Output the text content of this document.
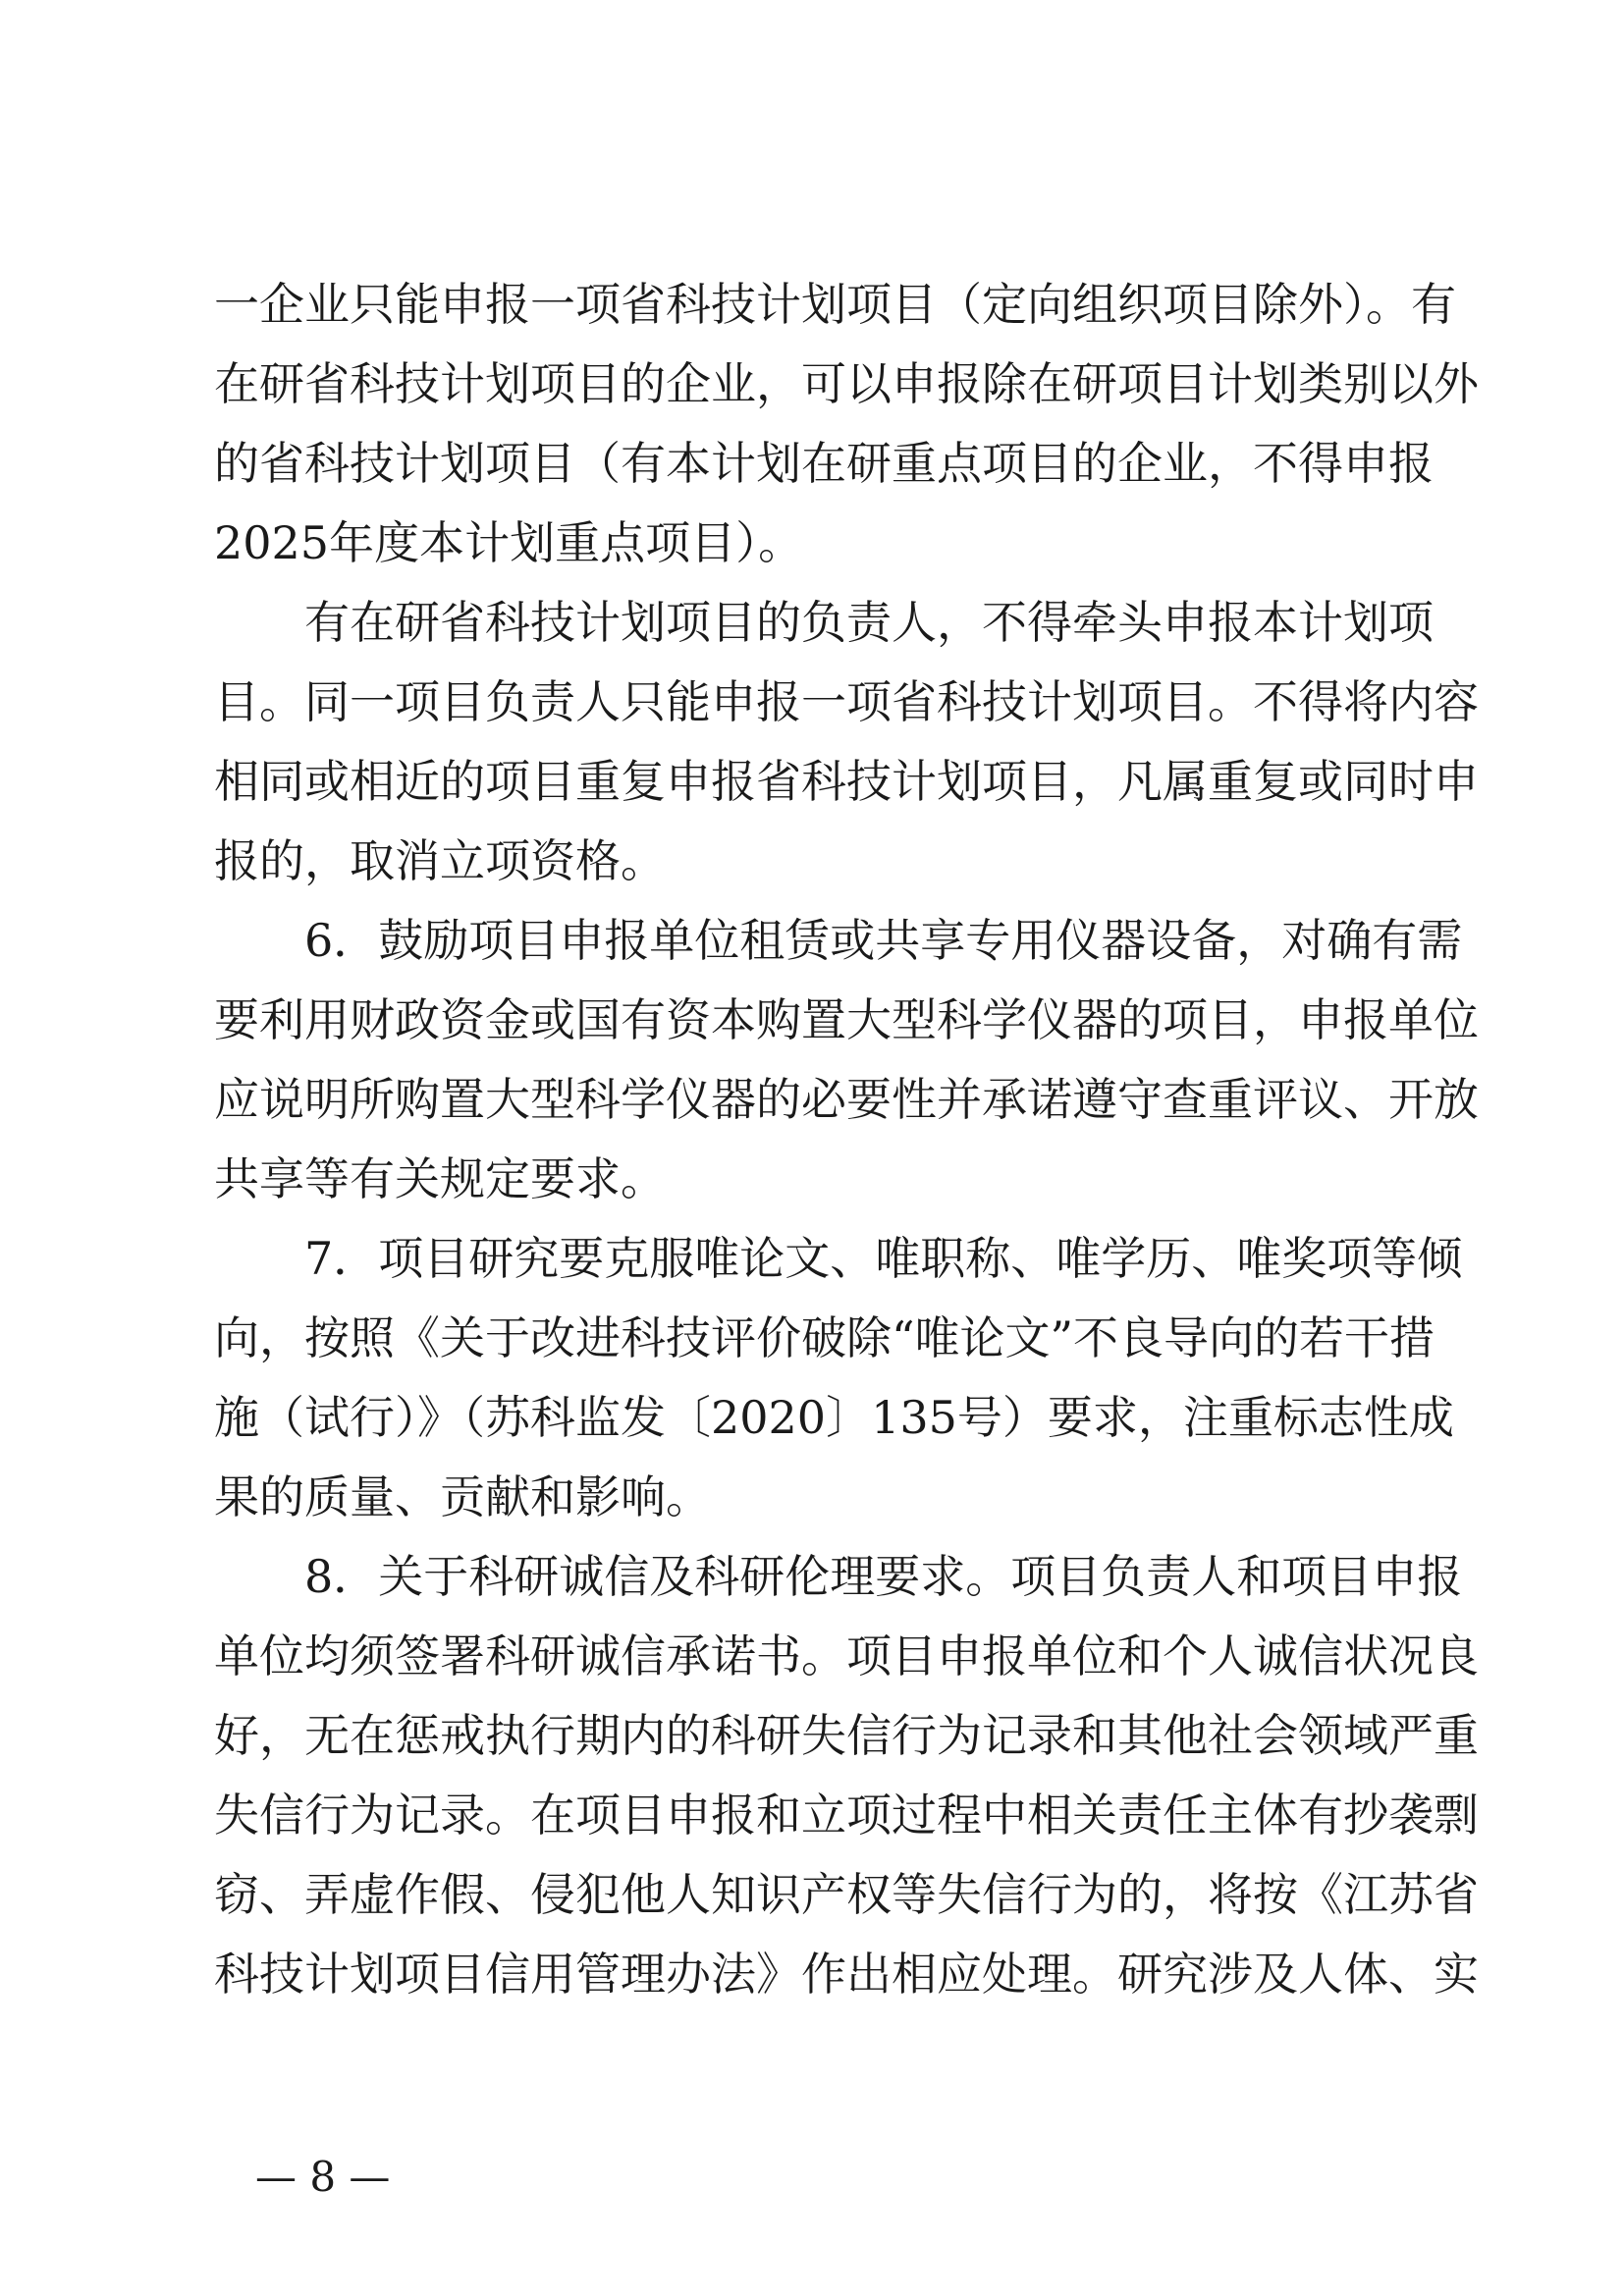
一企业只能申报一项省科技计划项目（定向组织项目除外）。有
在研省科技计划项目的企业，可以申报除在研项目计划类别以外
的省科技计划项目（有本计划在研重点项目的企业，不得申报
2025年度本计划重点项目）。
有在研省科技计划项目的负责人，不得牵头申报本计划项
目。同一项目负责人只能申报一项省科技计划项目。不得将内容
相同或相近的项目重复申报省科技计划项目，凡属重复或同时申
报的，取消立项资格。
6．鼓励项目申报单位租赁或共享专用仪器设备，对确有需
要利用财政资金或国有资本购置大型科学仪器的项目，申报单位
应说明所购置大型科学仪器的必要性并承诺遵守查重评议、开放
共享等有关规定要求。
7．项目研究要克服唯论文、唯职称、唯学历、唯奖项等倾
向，按照《关于改进科技评价破除“唯论文”不良导向的若干措
施（试行）》（苏科监发〔2020〕135号）要求，注重标志性成
果的质量、贡献和影响。
8．关于科研诚信及科研伦理要求。项目负责人和项目申报
单位均须签署科研诚信承诺书。项目申报单位和个人诚信状况良
好，无在惩戒执行期内的科研失信行为记录和其他社会领域严重
失信行为记录。在项目申报和立项过程中相关责任主体有抄袭剽
窃、弄虚作假、侵犯他人知识产权等失信行为的，将按《江苏省
科技计划项目信用管理办法》作出相应处理。研究涉及人体、实
— 8 —
